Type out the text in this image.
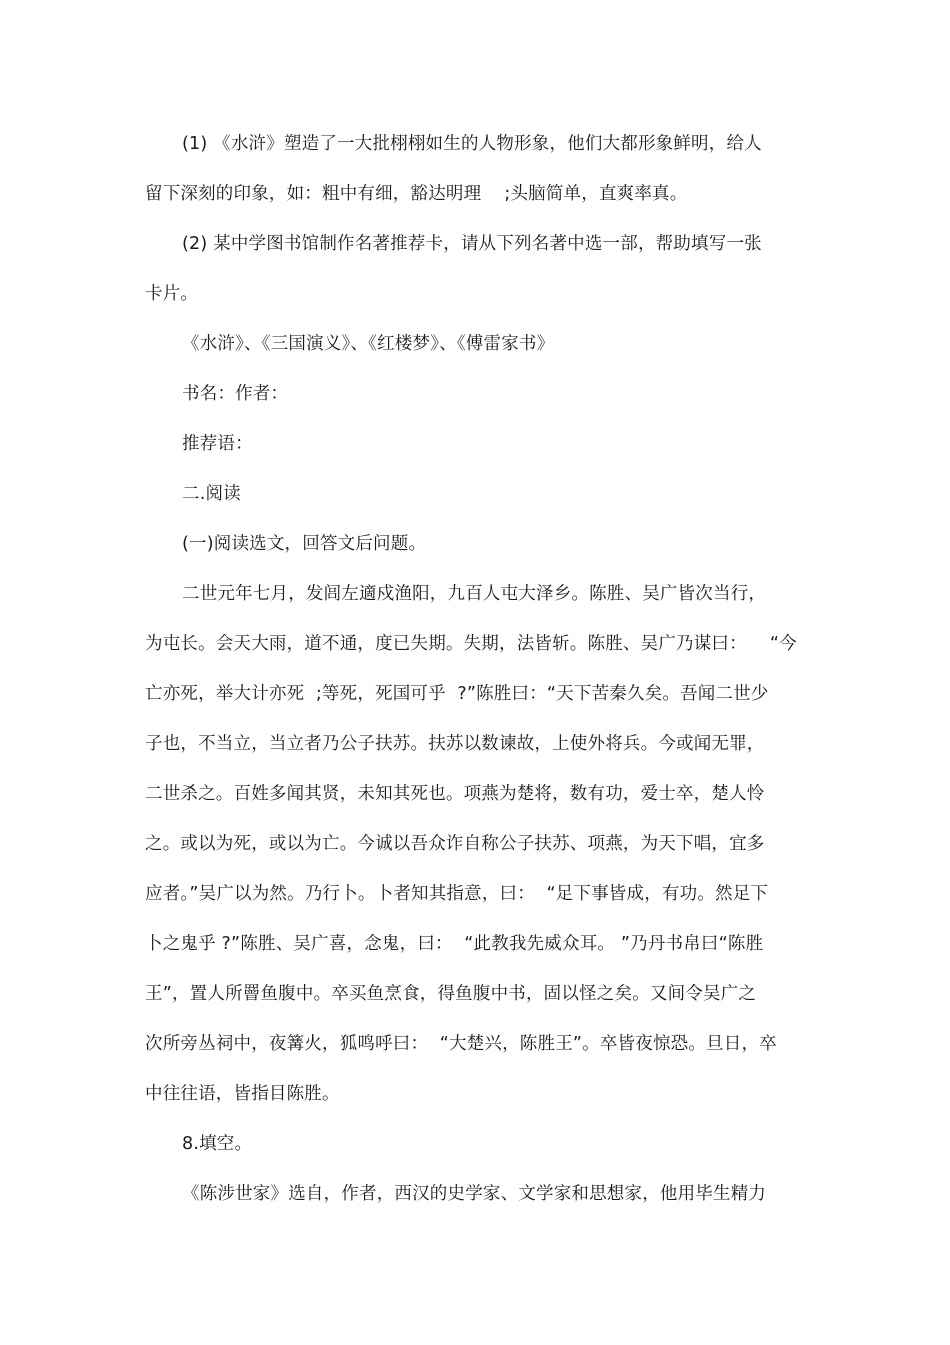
(1) 《水浒》塑造了一大批栩栩如生的人物形象，他们大都形象鲜明，给人
留下深刻的印象，如：粗中有细，豁达明理    ;头脑简单，直爽率真。
(2) 某中学图书馆制作名著推荐卡，请从下列名著中选一部，帮助填写一张
卡片。
《水浒》、《三国演义》、《红楼梦》、《傅雷家书》
书名：作者：
推荐语：
二.阅读
(一)阅读选文，回答文后问题。
二世元年七月，发闾左適戍渔阳，九百人屯大泽乡。陈胜、吴广皆次当行，
为屯长。会天大雨，道不通，度已失期。失期，法皆斩。陈胜、吴广乃谋曰：    “今
亡亦死，举大计亦死  ;等死，死国可乎  ?”陈胜曰：“天下苦秦久矣。吾闻二世少
子也，不当立，当立者乃公子扶苏。扶苏以数谏故，上使外将兵。今或闻无罪，
二世杀之。百姓多闻其贤，未知其死也。项燕为楚将，数有功，爱士卒，楚人怜
之。或以为死，或以为亡。今诚以吾众诈自称公子扶苏、项燕，为天下唱，宜多
应者。”吴广以为然。乃行卜。卜者知其指意，曰：  “足下事皆成，有功。然足下
卜之鬼乎 ?”陈胜、吴广喜，念鬼，曰：  “此教我先威众耳。 ”乃丹书帛曰“陈胜
王”，置人所罾鱼腹中。卒买鱼烹食，得鱼腹中书，固以怪之矣。又间令吴广之
次所旁丛祠中，夜篝火，狐鸣呼曰：  “大楚兴，陈胜王”。卒皆夜惊恐。旦日，卒
中往往语，皆指目陈胜。
8.填空。
《陈涉世家》选自，作者，西汉的史学家、文学家和思想家，他用毕生精力
